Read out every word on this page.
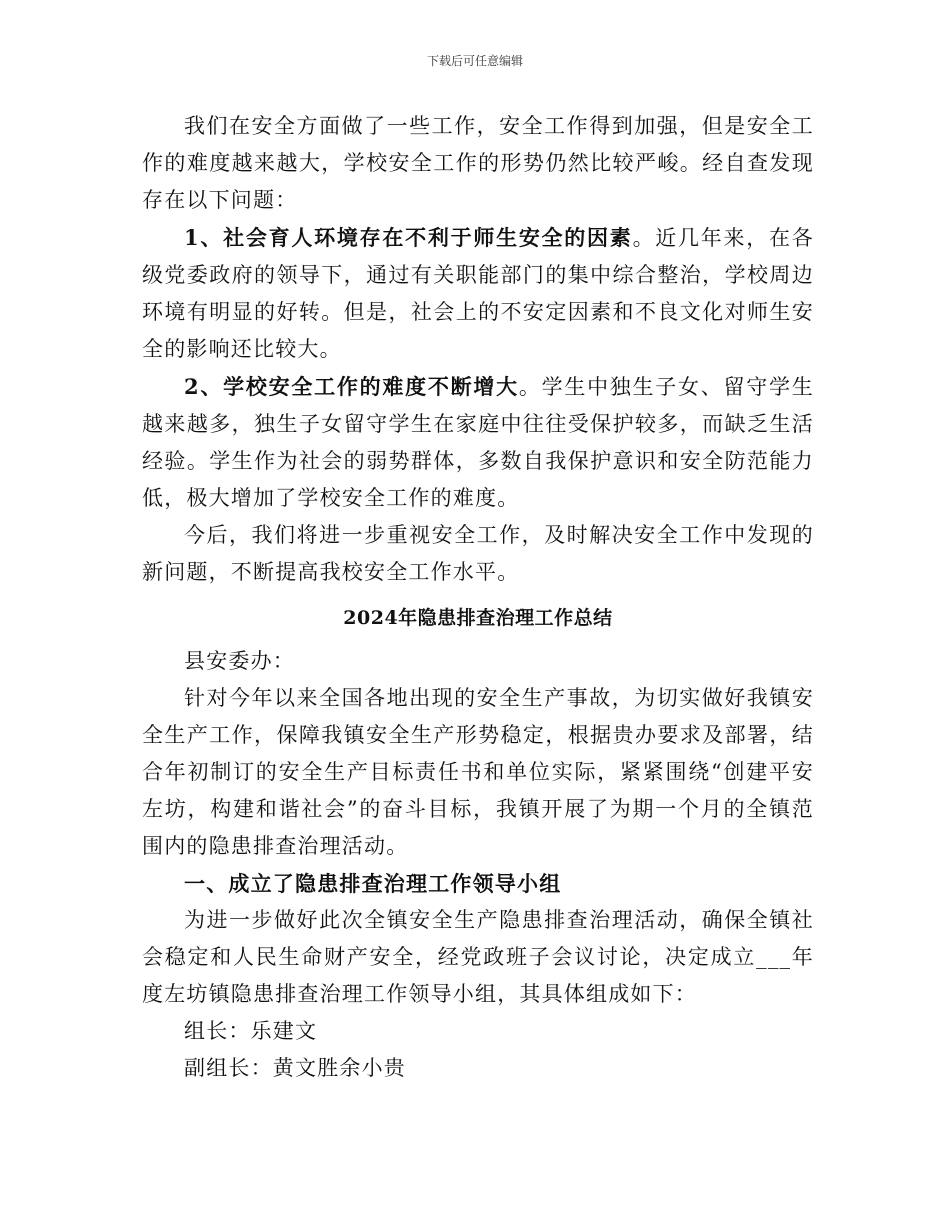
下载后可任意编辑

我们在安全方面做了一些工作，安全工作得到加强，但是安全工作的难度越来越大，学校安全工作的形势仍然比较严峻。经自查发现存在以下问题：

1、社会育人环境存在不利于师生安全的因素。近几年来，在各级党委政府的领导下，通过有关职能部门的集中综合整治，学校周边环境有明显的好转。但是，社会上的不安定因素和不良文化对师生安全的影响还比较大。

2、学校安全工作的难度不断增大。学生中独生子女、留守学生越来越多，独生子女留守学生在家庭中往往受保护较多，而缺乏生活经验。学生作为社会的弱势群体，多数自我保护意识和安全防范能力低，极大增加了学校安全工作的难度。

今后，我们将进一步重视安全工作，及时解决安全工作中发现的新问题，不断提高我校安全工作水平。

2024年隐患排查治理工作总结

县安委办：

针对今年以来全国各地出现的安全生产事故，为切实做好我镇安全生产工作，保障我镇安全生产形势稳定，根据贵办要求及部署，结合年初制订的安全生产目标责任书和单位实际，紧紧围绕“创建平安左坊，构建和谐社会”的奋斗目标，我镇开展了为期一个月的全镇范围内的隐患排查治理活动。

一、成立了隐患排查治理工作领导小组

为进一步做好此次全镇安全生产隐患排查治理活动，确保全镇社会稳定和人民生命财产安全，经党政班子会议讨论，决定成立___年度左坊镇隐患排查治理工作领导小组，其具体组成如下：

组长：乐建文

副组长：黄文胜余小贵
